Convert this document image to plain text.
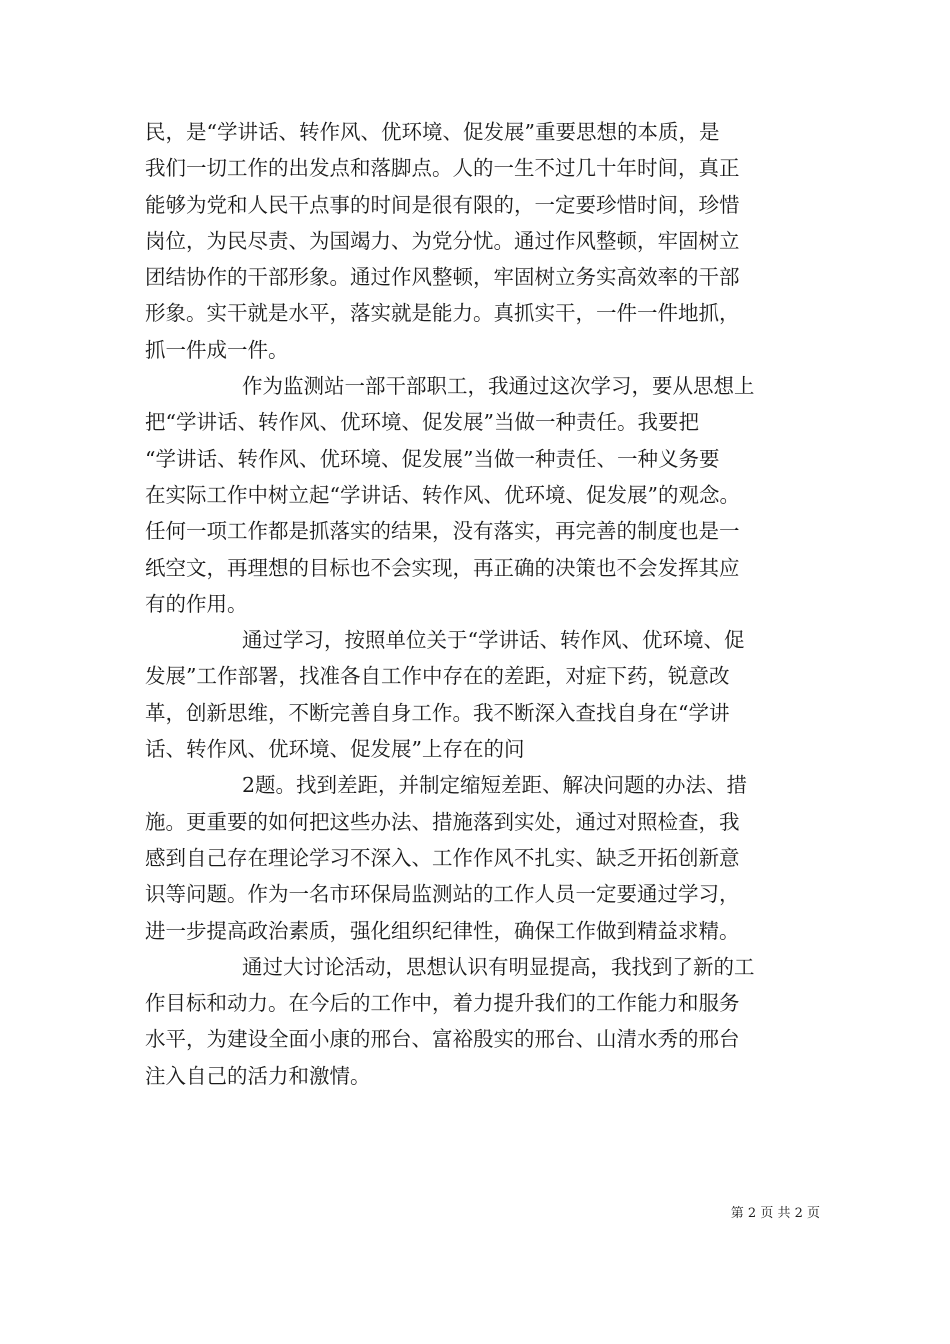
民，是“学讲话、转作风、优环境、促发展”重要思想的本质，是
我们一切工作的出发点和落脚点。人的一生不过几十年时间，真正
能够为党和人民干点事的时间是很有限的，一定要珍惜时间，珍惜
岗位，为民尽责、为国竭力、为党分忧。通过作风整顿，牢固树立
团结协作的干部形象。通过作风整顿，牢固树立务实高效率的干部
形象。实干就是水平，落实就是能力。真抓实干，一件一件地抓，
抓一件成一件。
作为监测站一部干部职工，我通过这次学习，要从思想上
把“学讲话、转作风、优环境、促发展”当做一种责任。我要把
“学讲话、转作风、优环境、促发展”当做一种责任、一种义务要
在实际工作中树立起“学讲话、转作风、优环境、促发展”的观念。
任何一项工作都是抓落实的结果，没有落实，再完善的制度也是一
纸空文，再理想的目标也不会实现，再正确的决策也不会发挥其应
有的作用。
通过学习，按照单位关于“学讲话、转作风、优环境、促
发展”工作部署，找准各自工作中存在的差距，对症下药，锐意改
革，创新思维，不断完善自身工作。我不断深入查找自身在“学讲
话、转作风、优环境、促发展”上存在的问
2题。找到差距，并制定缩短差距、解决问题的办法、措
施。更重要的如何把这些办法、措施落到实处，通过对照检查，我
感到自己存在理论学习不深入、工作作风不扎实、缺乏开拓创新意
识等问题。作为一名市环保局监测站的工作人员一定要通过学习，
进一步提高政治素质，强化组织纪律性，确保工作做到精益求精。
通过大讨论活动，思想认识有明显提高，我找到了新的工
作目标和动力。在今后的工作中，着力提升我们的工作能力和服务
水平，为建设全面小康的邢台、富裕殷实的邢台、山清水秀的邢台
注入自己的活力和激情。
第 2 页 共 2 页
